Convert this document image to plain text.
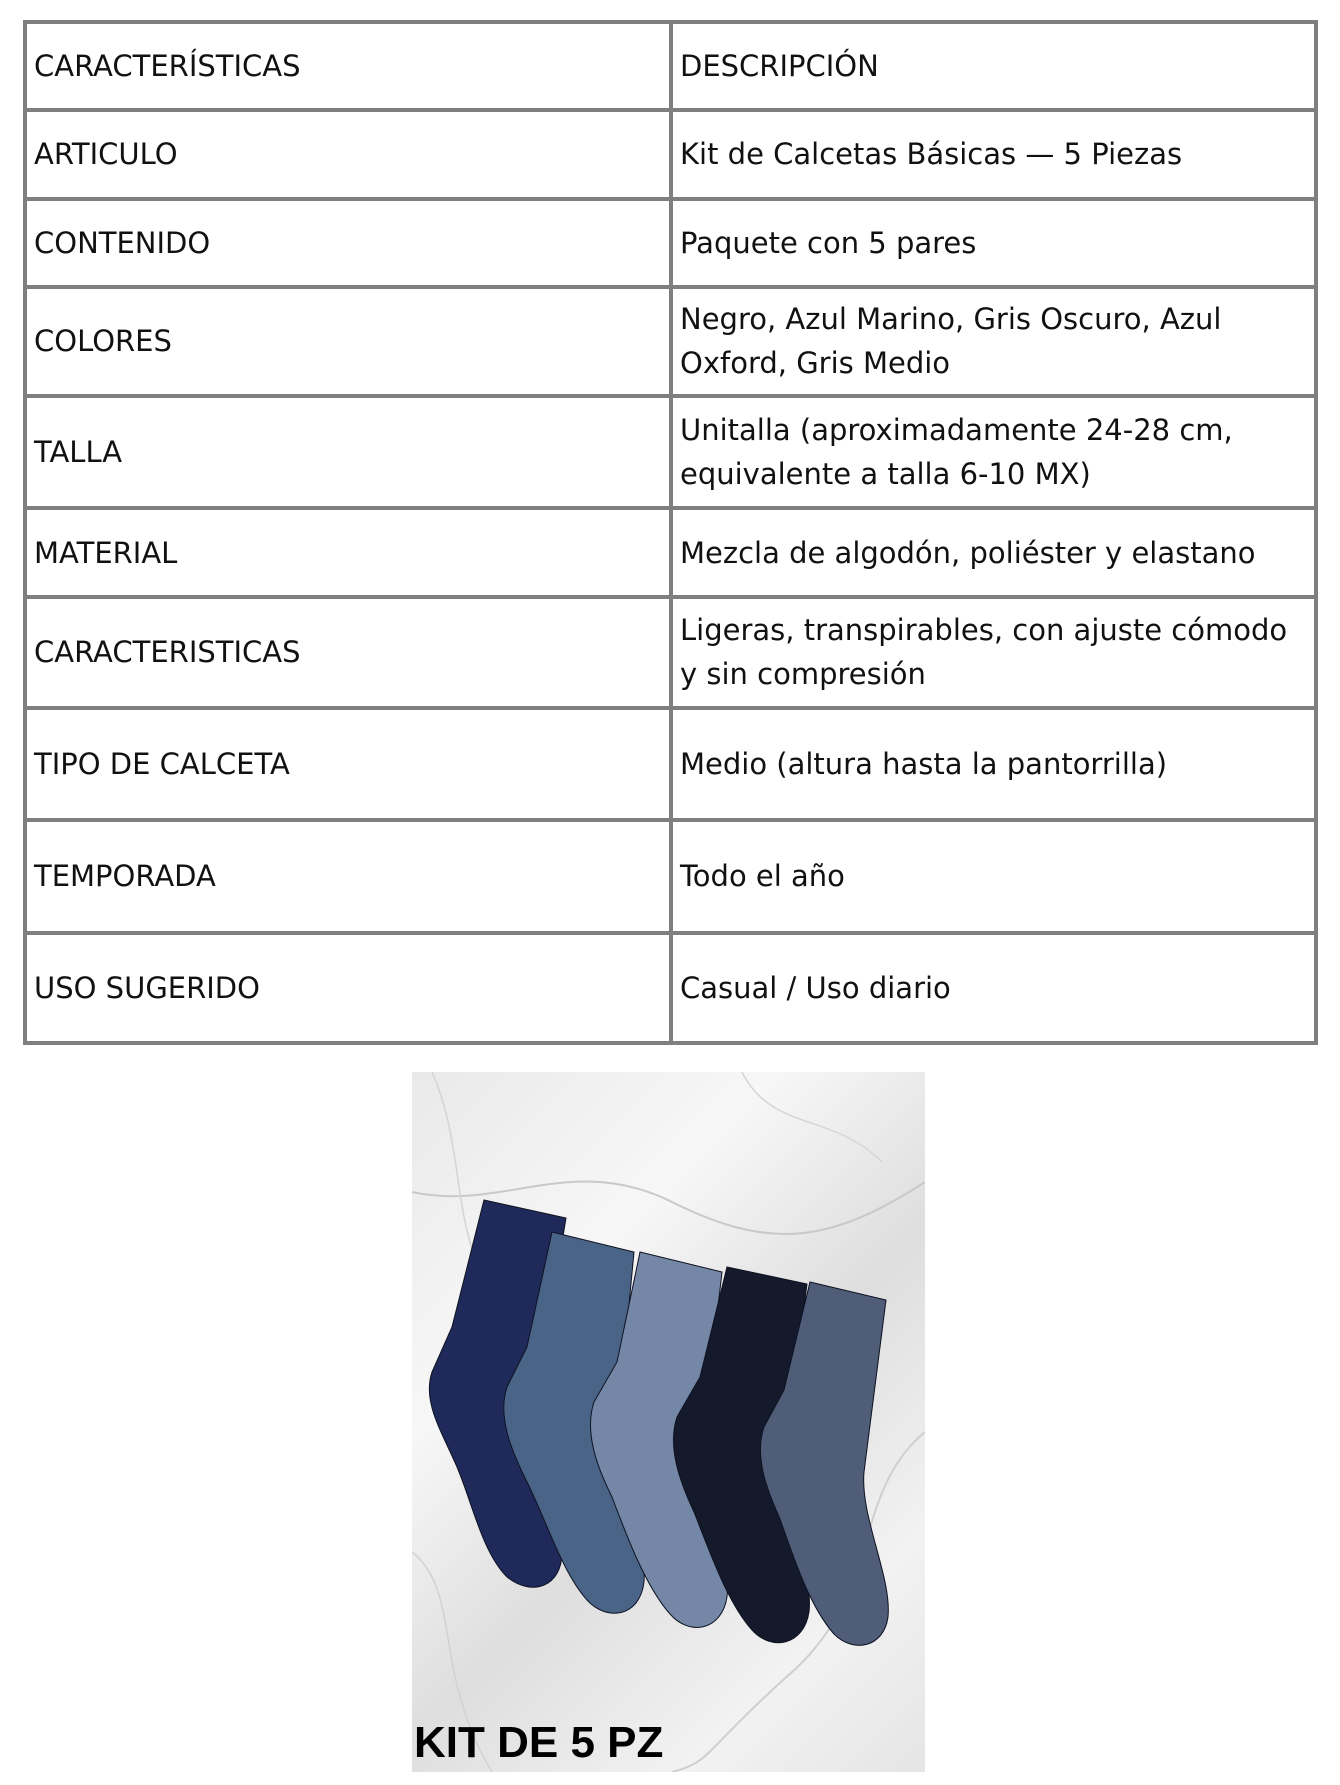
CARACTERÍSTICAS	DESCRIPCIÓN
ARTICULO	Kit de Calcetas Básicas — 5 Piezas
CONTENIDO	Paquete con 5 pares
COLORES	Negro, Azul Marino, Gris Oscuro, Azul Oxford, Gris Medio
TALLA	Unitalla (aproximadamente 24-28 cm, equivalente a talla 6-10 MX)
MATERIAL	Mezcla de algodón, poliéster y elastano
CARACTERISTICAS	Ligeras, transpirables, con ajuste cómodo y sin compresión
TIPO DE CALCETA	Medio (altura hasta la pantorrilla)
TEMPORADA	Todo el año
USO SUGERIDO	Casual / Uso diario
KIT DE 5 PZ
